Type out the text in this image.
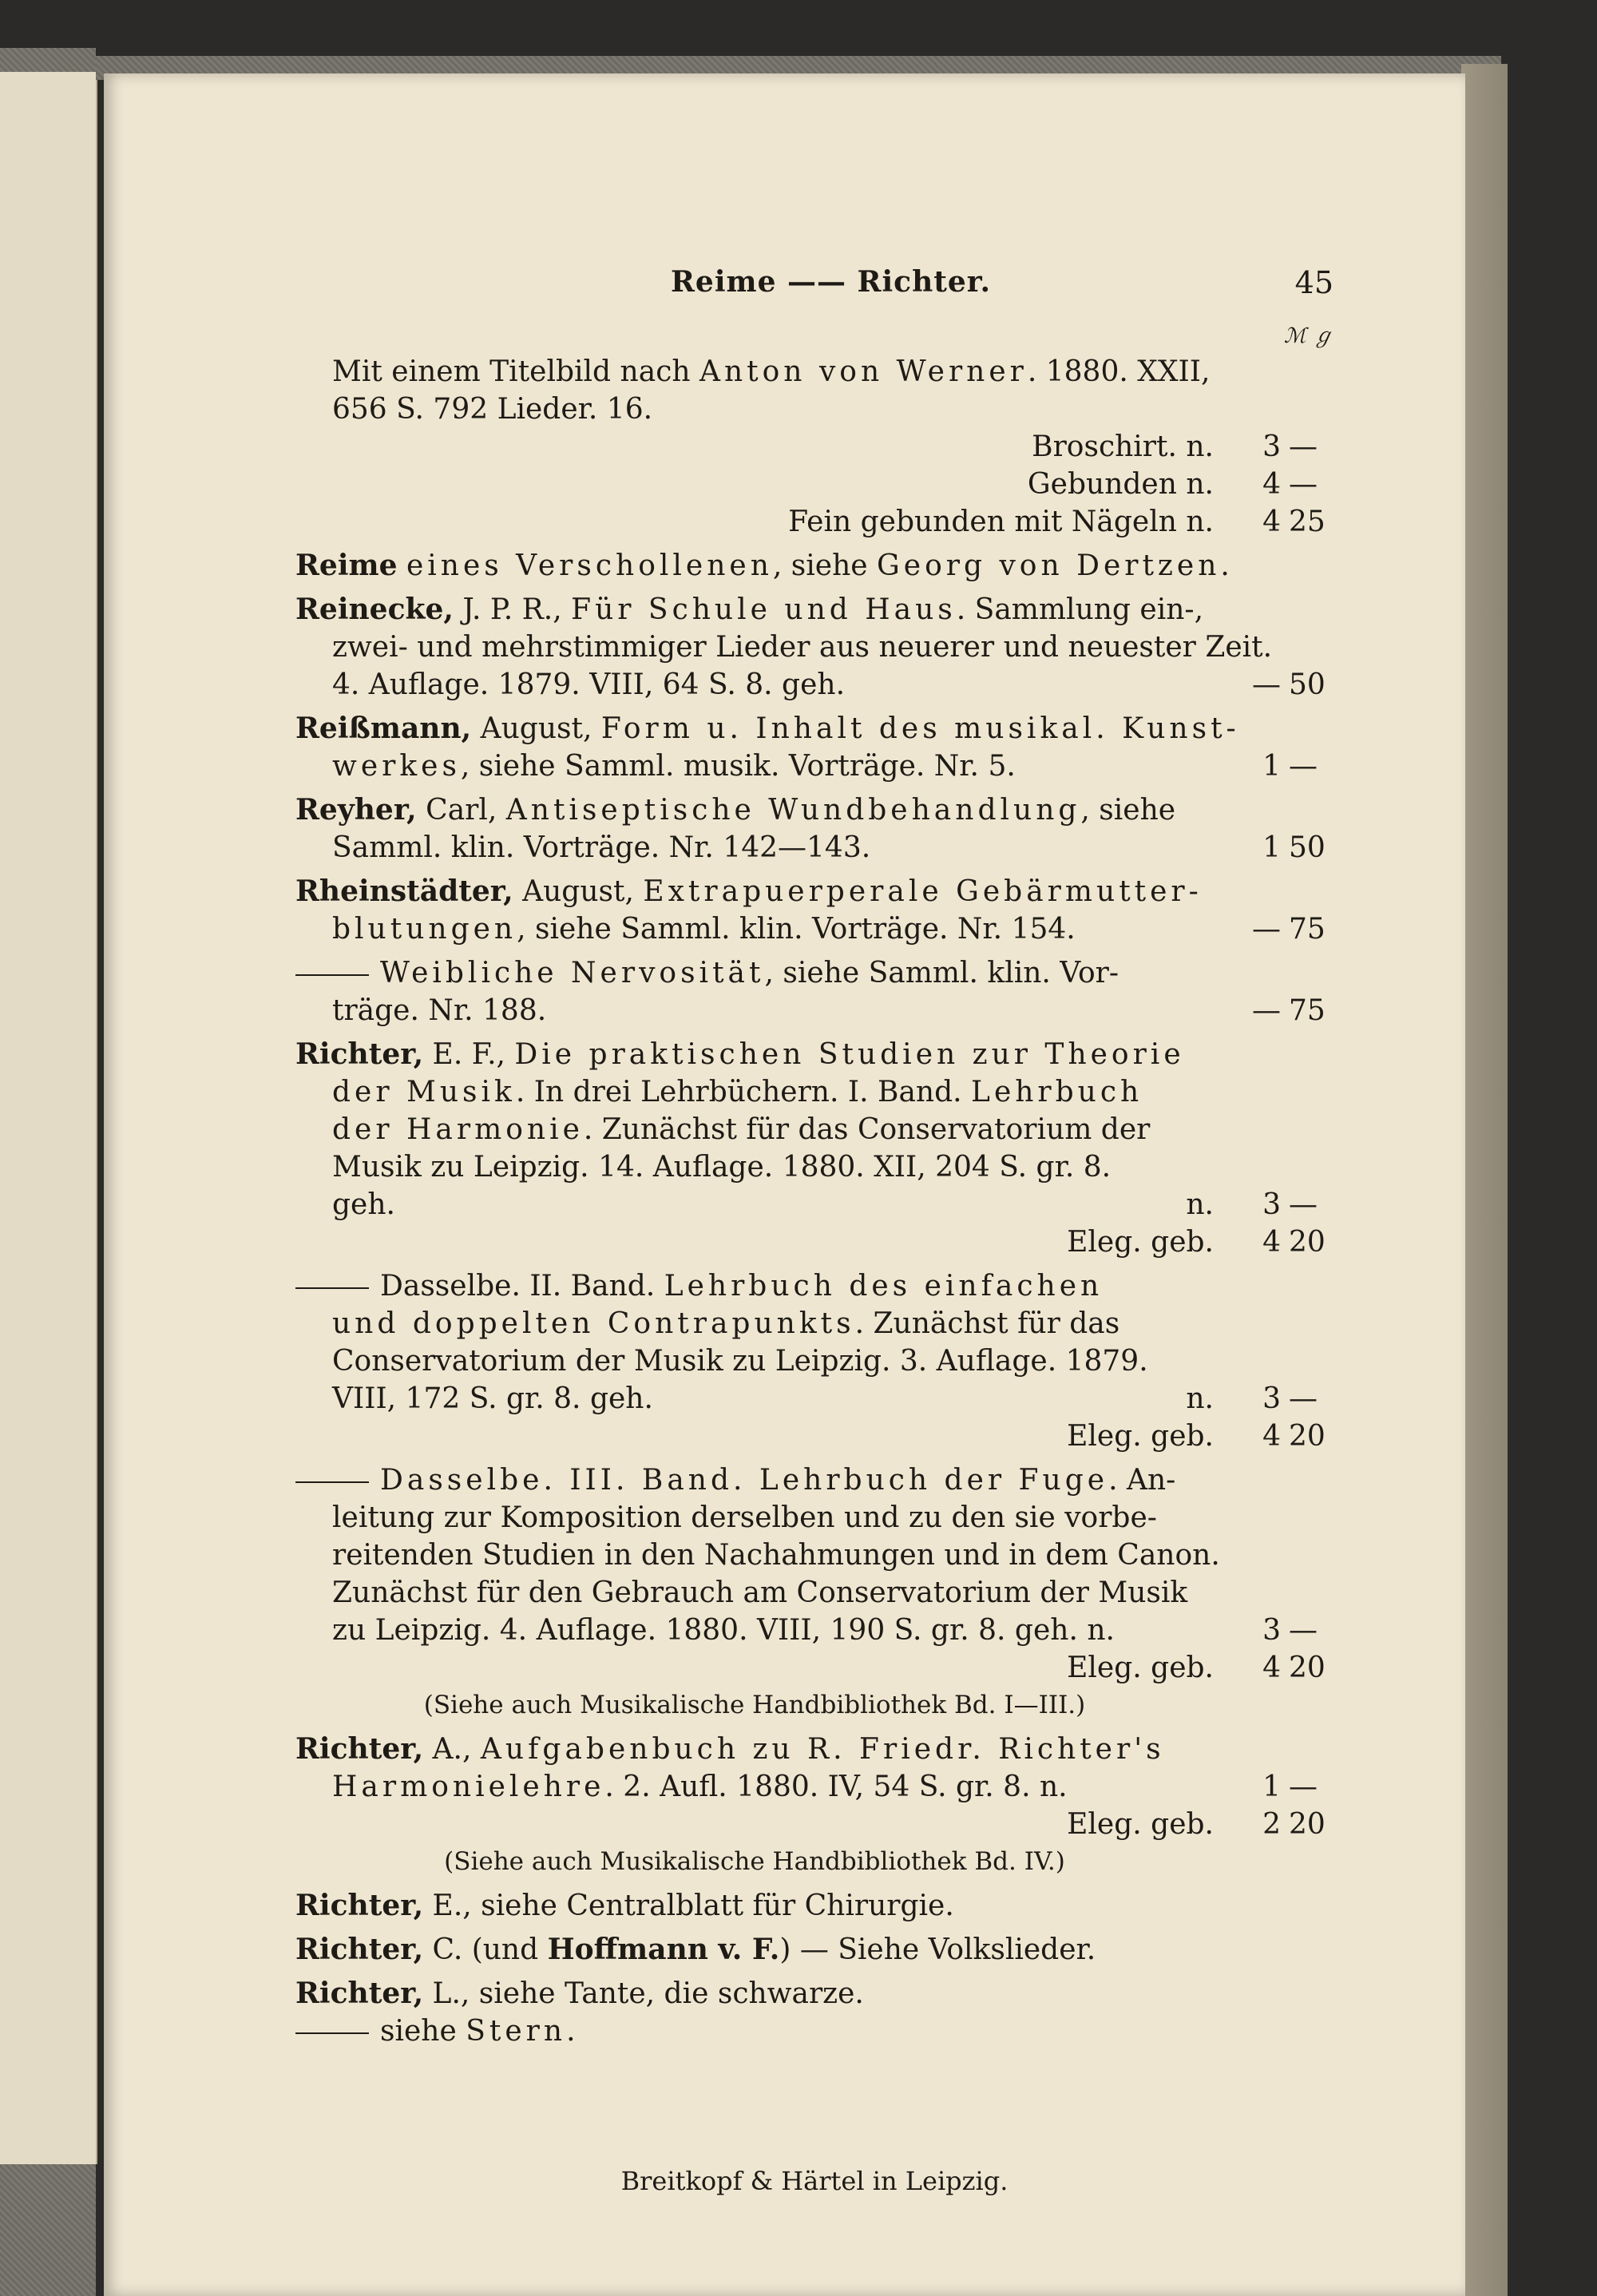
Reime —— Richter.	45
ℳ ℊ
Mit einem Titelbild nach Anton von Werner. 1880. XXII,
656 S. 792 Lieder. 16.
Broschirt. n.	3 —
Gebunden n.	4 —
Fein gebunden mit Nägeln n.	4 25
Reime eines Verschollenen, siehe Georg von Dertzen.
Reinecke, J. P. R., Für Schule und Haus. Sammlung ein-,
zwei- und mehrstimmiger Lieder aus neuerer und neuester Zeit.
4. Auflage. 1879. VIII, 64 S. 8. geh.	— 50
Reißmann, August, Form u. Inhalt des musikal. Kunst-
werkes, siehe Samml. musik. Vorträge. Nr. 5.	1 —
Reyher, Carl, Antiseptische Wundbehandlung, siehe
Samml. klin. Vorträge. Nr. 142—143.	1 50
Rheinstädter, August, Extrapuerperale Gebärmutter-
blutungen, siehe Samml. klin. Vorträge. Nr. 154.	— 75
Weibliche Nervosität, siehe Samml. klin. Vor-
träge. Nr. 188.	— 75
Richter, E. F., Die praktischen Studien zur Theorie
der Musik. In drei Lehrbüchern. I. Band. Lehrbuch
der Harmonie. Zunächst für das Conservatorium der
Musik zu Leipzig. 14. Auflage. 1880. XII, 204 S. gr. 8.
geh.	n.	3 —
Eleg. geb.	4 20
Dasselbe. II. Band. Lehrbuch des einfachen
und doppelten Contrapunkts. Zunächst für das
Conservatorium der Musik zu Leipzig. 3. Auflage. 1879.
VIII, 172 S. gr. 8. geh.	n.	3 —
Eleg. geb.	4 20
Dasselbe. III. Band. Lehrbuch der Fuge. An-
leitung zur Komposition derselben und zu den sie vorbe-
reitenden Studien in den Nachahmungen und in dem Canon.
Zunächst für den Gebrauch am Conservatorium der Musik
zu Leipzig. 4. Auflage. 1880. VIII, 190 S. gr. 8. geh. n.	3 —
Eleg. geb.	4 20
(Siehe auch Musikalische Handbibliothek Bd. I—III.)
Richter, A., Aufgabenbuch zu R. Friedr. Richter's
Harmonielehre. 2. Aufl. 1880. IV, 54 S. gr. 8. n.	1 —
Eleg. geb.	2 20
(Siehe auch Musikalische Handbibliothek Bd. IV.)
Richter, E., siehe Centralblatt für Chirurgie.
Richter, C. (und Hoffmann v. F.) — Siehe Volkslieder.
Richter, L., siehe Tante, die schwarze.
siehe Stern.
Breitkopf & Härtel in Leipzig.
